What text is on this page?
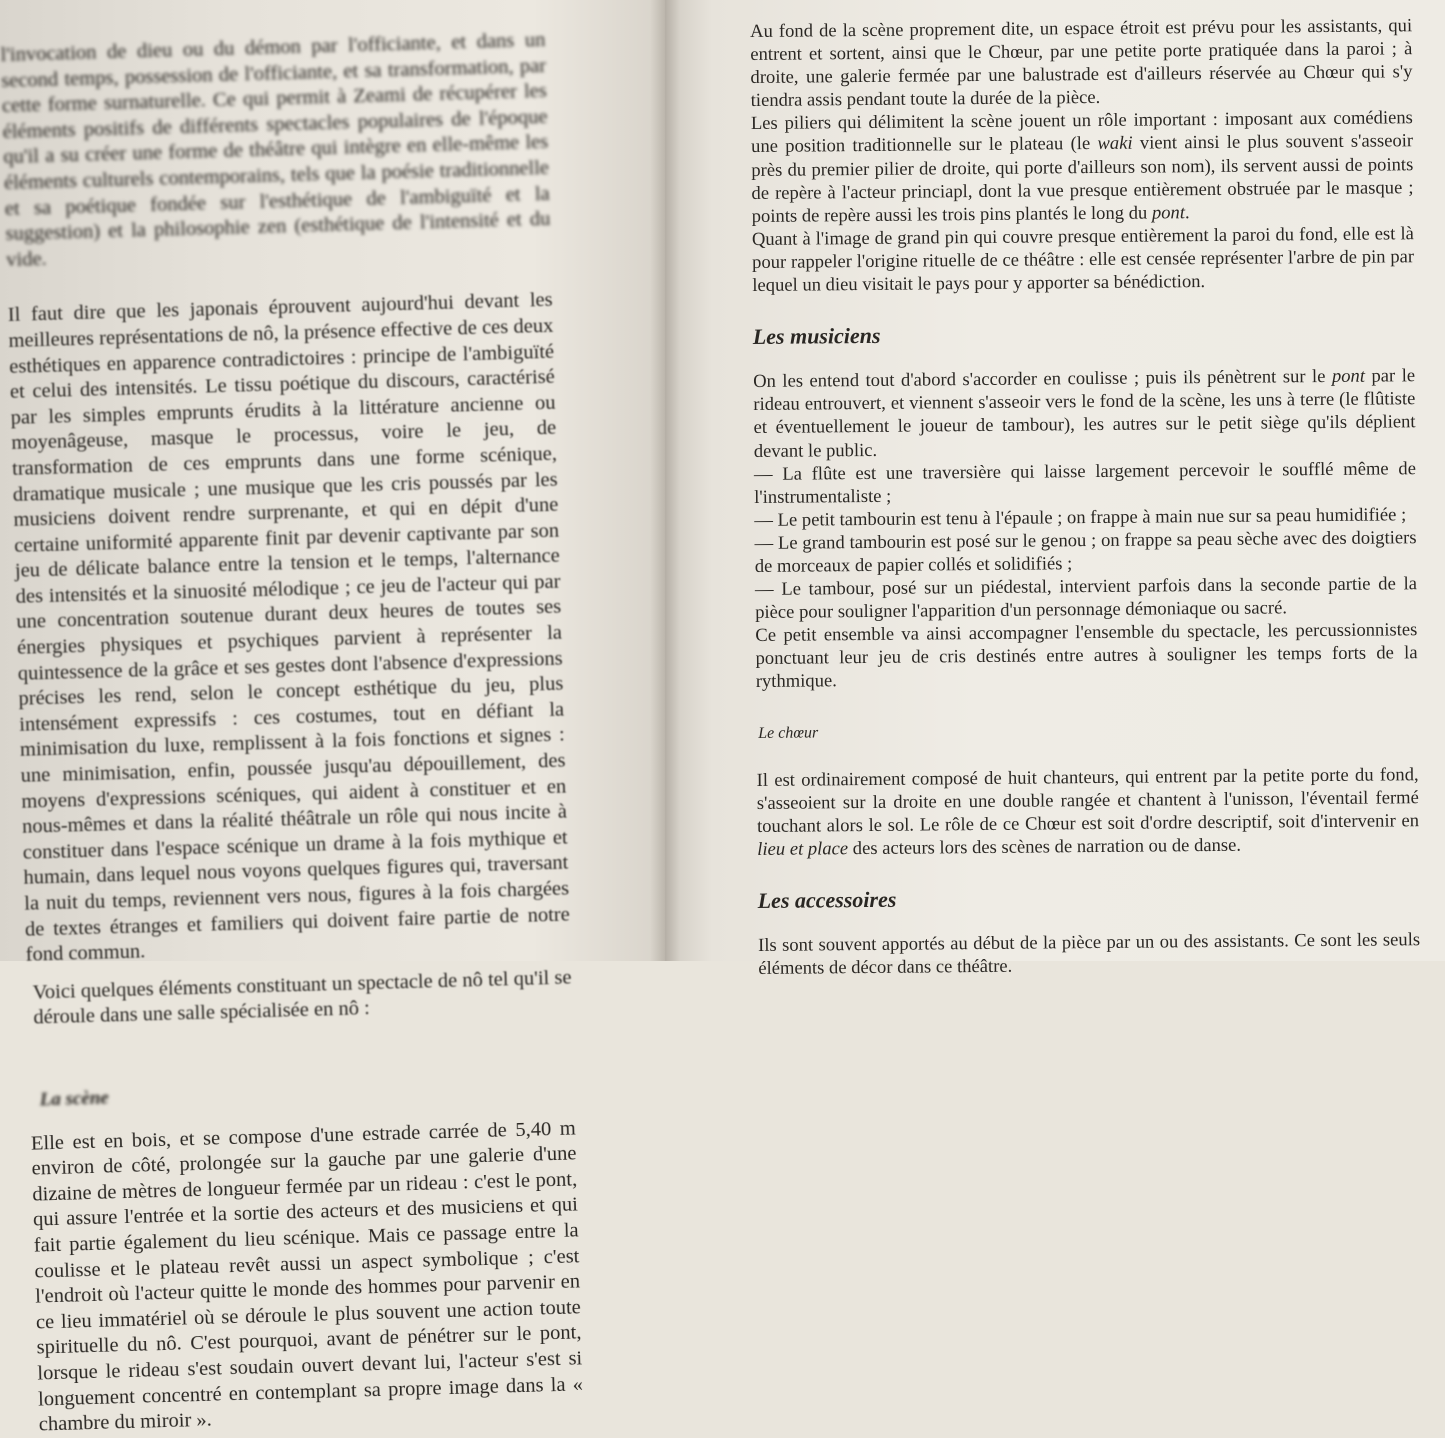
l'invocation de dieu ou du démon par l'officiante, et dans un second temps, possession de l'officiante, et sa transformation, par cette forme surnaturelle. Ce qui permit à Zeami de récupérer les éléments positifs de différents spectacles populaires de l'époque qu'il a su créer une forme de théâtre qui intègre en elle-même les éléments culturels contemporains, tels que la poésie traditionnelle et sa poétique fondée sur l'esthétique de l'ambiguïté et la suggestion) et la philosophie zen (esthétique de l'intensité et du vide.

Il faut dire que les japonais éprouvent aujourd'hui devant les meilleures représentations de nô, la présence effective de ces deux esthétiques en apparence contradictoires : principe de l'ambiguïté et celui des intensités. Le tissu poétique du discours, caractérisé par les simples emprunts érudits à la littérature ancienne ou moyenâgeuse, masque le processus, voire le jeu, de transformation de ces emprunts dans une forme scénique, dramatique musicale ; une musique que les cris poussés par les musiciens doivent rendre surprenante, et qui en dépit d'une certaine uniformité apparente finit par devenir captivante par son jeu de délicate balance entre la tension et le temps, l'alternance des intensités et la sinuosité mélodique ; ce jeu de l'acteur qui par une concentration soutenue durant deux heures de toutes ses énergies physiques et psychiques parvient à représenter la quintessence de la grâce et ses gestes dont l'absence d'expressions précises les rend, selon le concept esthétique du jeu, plus intensément expressifs : ces costumes, tout en défiant la minimisation du luxe, remplissent à la fois fonctions et signes : une minimisation, enfin, poussée jusqu'au dépouillement, des moyens d'expressions scéniques, qui aident à constituer et en nous-mêmes et dans la réalité théâtrale un rôle qui nous incite à constituer dans l'espace scénique un drame à la fois mythique et humain, dans lequel nous voyons quelques figures qui, traversant la nuit du temps, reviennent vers nous, figures à la fois chargées de textes étranges et familiers qui doivent faire partie de notre fond commun.

Voici quelques éléments constituant un spectacle de nô tel qu'il se déroule dans une salle spécialisée en nô :

La scène

Elle est en bois, et se compose d'une estrade carrée de 5,40 m environ de côté, prolongée sur la gauche par une galerie d'une dizaine de mètres de longueur fermée par un rideau : c'est le pont, qui assure l'entrée et la sortie des acteurs et des musiciens et qui fait partie également du lieu scénique. Mais ce passage entre la coulisse et le plateau revêt aussi un aspect symbolique ; c'est l'endroit où l'acteur quitte le monde des hommes pour parvenir en ce lieu immatériel où se déroule le plus souvent une action toute spirituelle du nô. C'est pourquoi, avant de pénétrer sur le pont, lorsque le rideau s'est soudain ouvert devant lui, l'acteur s'est si longuement concentré en contemplant sa propre image dans la « chambre du miroir ».

Au fond de la scène proprement dite, un espace étroit est prévu pour les assistants, qui entrent et sortent, ainsi que le Chœur, par une petite porte pratiquée dans la paroi ; à droite, une galerie fermée par une balustrade est d'ailleurs réservée au Chœur qui s'y tiendra assis pendant toute la durée de la pièce.

Les piliers qui délimitent la scène jouent un rôle important : imposant aux comédiens une position traditionnelle sur le plateau (le waki vient ainsi le plus souvent s'asseoir près du premier pilier de droite, qui porte d'ailleurs son nom), ils servent aussi de points de repère à l'acteur princiapl, dont la vue presque entièrement obstruée par le masque ; points de repère aussi les trois pins plantés le long du pont.

Quant à l'image de grand pin qui couvre presque entièrement la paroi du fond, elle est là pour rappeler l'origine rituelle de ce théâtre : elle est censée représenter l'arbre de pin par lequel un dieu visitait le pays pour y apporter sa bénédiction.

Les musiciens

On les entend tout d'abord s'accorder en coulisse ; puis ils pénètrent sur le pont par le rideau entrouvert, et viennent s'asseoir vers le fond de la scène, les uns à terre (le flûtiste et éventuellement le joueur de tambour), les autres sur le petit siège qu'ils déplient devant le public.

— La flûte est une traversière qui laisse largement percevoir le soufflé même de l'instrumentaliste ;

— Le petit tambourin est tenu à l'épaule ; on frappe à main nue sur sa peau humidifiée ;

— Le grand tambourin est posé sur le genou ; on frappe sa peau sèche avec des doigtiers de morceaux de papier collés et solidifiés ;

— Le tambour, posé sur un piédestal, intervient parfois dans la seconde partie de la pièce pour souligner l'apparition d'un personnage démoniaque ou sacré.

Ce petit ensemble va ainsi accompagner l'ensemble du spectacle, les percussionnistes ponctuant leur jeu de cris destinés entre autres à souligner les temps forts de la rythmique.

Le chœur

Il est ordinairement composé de huit chanteurs, qui entrent par la petite porte du fond, s'asseoient sur la droite en une double rangée et chantent à l'unisson, l'éventail fermé touchant alors le sol. Le rôle de ce Chœur est soit d'ordre descriptif, soit d'intervenir en lieu et place des acteurs lors des scènes de narration ou de danse.

Les accessoires

Ils sont souvent apportés au début de la pièce par un ou des assistants. Ce sont les seuls éléments de décor dans ce théâtre.
